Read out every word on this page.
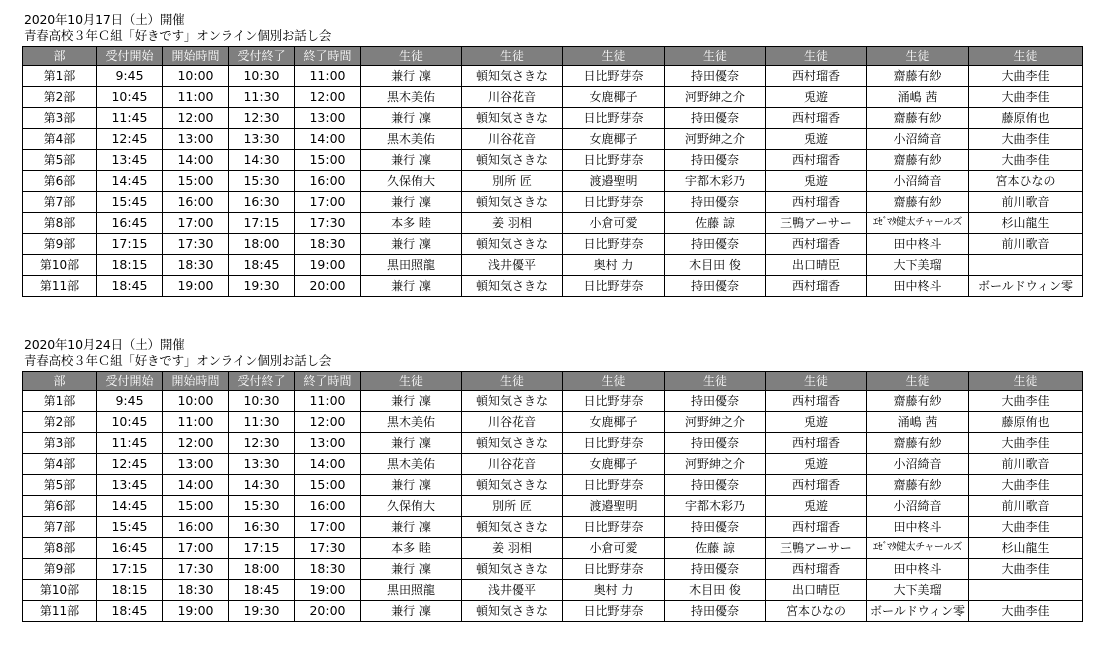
2020年10月17日（土）開催
青春高校３年Ｃ組「好きです」オンライン個別お話し会
部	受付開始	開始時間	受付終了	終了時間	生徒	生徒	生徒	生徒	生徒	生徒	生徒
第1部	9:45	10:00	10:30	11:00	兼行 凜	頓知気さきな	日比野芽奈	持田優奈	西村瑠香	齋藤有紗	大曲李佳
第2部	10:45	11:00	11:30	12:00	黒木美佑	川谷花音	女鹿椰子	河野紳之介	兎遊	涌嶋 茜	大曲李佳
第3部	11:45	12:00	12:30	13:00	兼行 凜	頓知気さきな	日比野芽奈	持田優奈	西村瑠香	齋藤有紗	藤原侑也
第4部	12:45	13:00	13:30	14:00	黒木美佑	川谷花音	女鹿椰子	河野紳之介	兎遊	小沼綺音	大曲李佳
第5部	13:45	14:00	14:30	15:00	兼行 凜	頓知気さきな	日比野芽奈	持田優奈	西村瑠香	齋藤有紗	大曲李佳
第6部	14:45	15:00	15:30	16:00	久保侑大	別所 匠	渡邉聖明	宇都木彩乃	兎遊	小沼綺音	宮本ひなの
第7部	15:45	16:00	16:30	17:00	兼行 凜	頓知気さきな	日比野芽奈	持田優奈	西村瑠香	齋藤有紗	前川歌音
第8部	16:45	17:00	17:15	17:30	本多 睦	姜 羽相	小倉可愛	佐藤 諒	三鴨アーサー	ｴｾﾞﾏﾀ健太チャールズ	杉山龍生
第9部	17:15	17:30	18:00	18:30	兼行 凜	頓知気さきな	日比野芽奈	持田優奈	西村瑠香	田中柊斗	前川歌音
第10部	18:15	18:30	18:45	19:00	黒田照龍	浅井優平	奥村 力	木目田 俊	出口晴臣	大下美瑠	
第11部	18:45	19:00	19:30	20:00	兼行 凜	頓知気さきな	日比野芽奈	持田優奈	西村瑠香	田中柊斗	ボールドウィン零
2020年10月24日（土）開催
青春高校３年Ｃ組「好きです」オンライン個別お話し会
部	受付開始	開始時間	受付終了	終了時間	生徒	生徒	生徒	生徒	生徒	生徒	生徒
第1部	9:45	10:00	10:30	11:00	兼行 凜	頓知気さきな	日比野芽奈	持田優奈	西村瑠香	齋藤有紗	大曲李佳
第2部	10:45	11:00	11:30	12:00	黒木美佑	川谷花音	女鹿椰子	河野紳之介	兎遊	涌嶋 茜	藤原侑也
第3部	11:45	12:00	12:30	13:00	兼行 凜	頓知気さきな	日比野芽奈	持田優奈	西村瑠香	齋藤有紗	大曲李佳
第4部	12:45	13:00	13:30	14:00	黒木美佑	川谷花音	女鹿椰子	河野紳之介	兎遊	小沼綺音	前川歌音
第5部	13:45	14:00	14:30	15:00	兼行 凜	頓知気さきな	日比野芽奈	持田優奈	西村瑠香	齋藤有紗	大曲李佳
第6部	14:45	15:00	15:30	16:00	久保侑大	別所 匠	渡邉聖明	宇都木彩乃	兎遊	小沼綺音	前川歌音
第7部	15:45	16:00	16:30	17:00	兼行 凜	頓知気さきな	日比野芽奈	持田優奈	西村瑠香	田中柊斗	大曲李佳
第8部	16:45	17:00	17:15	17:30	本多 睦	姜 羽相	小倉可愛	佐藤 諒	三鴨アーサー	ｴｾﾞﾏﾀ健太チャールズ	杉山龍生
第9部	17:15	17:30	18:00	18:30	兼行 凜	頓知気さきな	日比野芽奈	持田優奈	西村瑠香	田中柊斗	大曲李佳
第10部	18:15	18:30	18:45	19:00	黒田照龍	浅井優平	奥村 力	木目田 俊	出口晴臣	大下美瑠	
第11部	18:45	19:00	19:30	20:00	兼行 凜	頓知気さきな	日比野芽奈	持田優奈	宮本ひなの	ボールドウィン零	大曲李佳
